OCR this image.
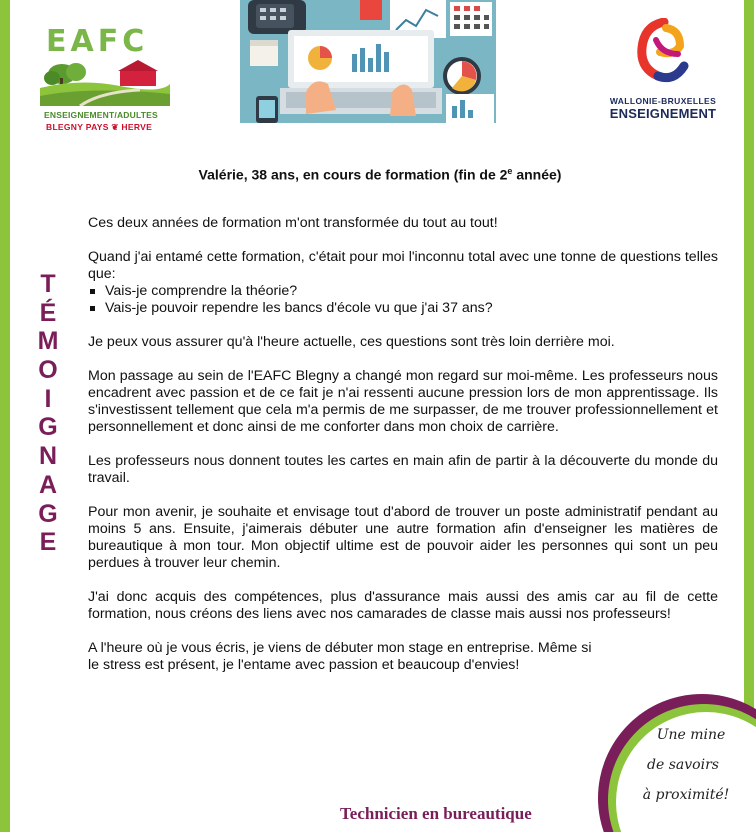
EAFC
ENSEIGNEMENT/ADULTES
BLEGNY PAYS ❦ HERVE
WALLONIE-BRUXELLES
ENSEIGNEMENT
Valérie, 38 ans, en cours de formation (fin de 2e année)
T
É
M
O
I
G
N
A
G
E

Ces deux années de formation m'ont transformée du tout au tout!

Quand j'ai entamé cette formation, c'était pour moi l'inconnu total avec une tonne de questions telles que:

Vais-je comprendre la théorie?
Vais-je pouvoir rependre les bancs d'école vu que j'ai 37 ans?

Je peux vous assurer qu'à l'heure actuelle, ces questions sont très loin derrière moi.

Mon passage au sein de l'EAFC Blegny a changé mon regard sur moi-même. Les professeurs nous encadrent avec passion et de ce fait je n'ai ressenti aucune pression lors de mon apprentissage. Ils s'investissent tellement que cela m'a permis de me surpasser, de me trouver professionnellement et personnellement et donc ainsi de me conforter dans mon choix de carrière.

Les professeurs nous donnent toutes les cartes en main afin de partir à la découverte du monde du travail.

Pour mon avenir, je souhaite et envisage tout d'abord de trouver un poste administratif pendant au moins 5 ans. Ensuite, j'aimerais débuter une autre formation afin d'enseigner les matières de bureautique à mon tour. Mon objectif ultime est de pouvoir aider les personnes qui sont un peu perdues à trouver leur chemin.

J'ai donc acquis des compétences, plus d'assurance mais aussi des amis car au fil de cette formation, nous créons des liens avec nos camarades de classe mais aussi nos professeurs!

A l'heure où je vous écris, je viens de débuter mon stage en entreprise. Même si le stress est présent, je l'entame avec passion et beaucoup d'envies!

Une mine
de savoirs
à proximité!
Technicien en bureautique
